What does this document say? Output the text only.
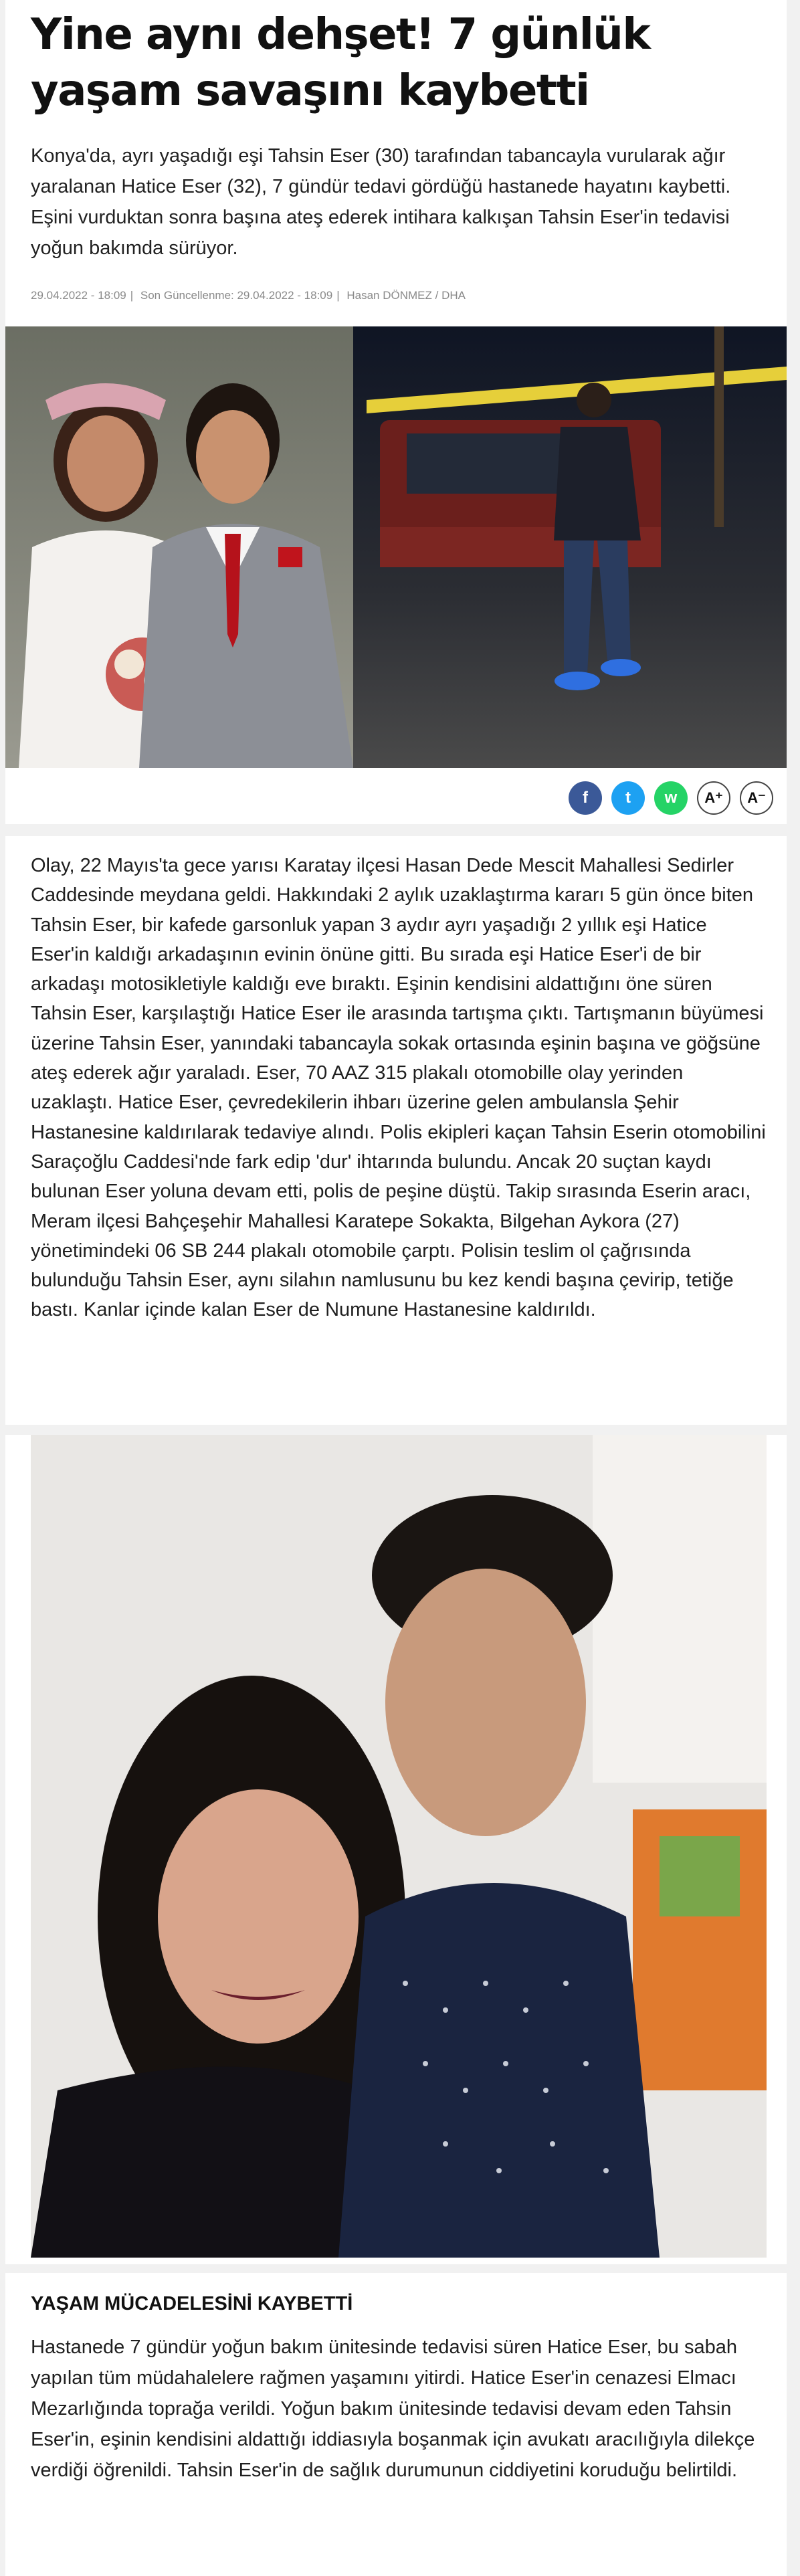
Yine aynı dehşet! 7 günlük yaşam savaşını kaybetti

Konya'da, ayrı yaşadığı eşi Tahsin Eser (30) tarafından tabancayla vurularak ağır yaralanan Hatice Eser (32), 7 gündür tedavi gördüğü hastanede hayatını kaybetti. Eşini vurduktan sonra başına ateş ederek intihara kalkışan Tahsin Eser'in tedavisi yoğun bakımda sürüyor.

29.04.2022 - 18:09 | Son Güncellenme: 29.04.2022 - 18:09 | Hasan DÖNMEZ / DHA
f t w A⁺ A⁻

Olay, 22 Mayıs'ta gece yarısı Karatay ilçesi Hasan Dede Mescit Mahallesi Sedirler Caddesinde meydana geldi. Hakkındaki 2 aylık uzaklaştırma kararı 5 gün önce biten Tahsin Eser, bir kafede garsonluk yapan 3 aydır ayrı yaşadığı 2 yıllık eşi Hatice Eser'in kaldığı arkadaşının evinin önüne gitti. Bu sırada eşi Hatice Eser'i de bir arkadaşı motosikletiyle kaldığı eve bıraktı. Eşinin kendisini aldattığını öne süren Tahsin Eser, karşılaştığı Hatice Eser ile arasında tartışma çıktı. Tartışmanın büyümesi üzerine Tahsin Eser, yanındaki tabancayla sokak ortasında eşinin başına ve göğsüne ateş ederek ağır yaraladı. Eser, 70 AAZ 315 plakalı otomobille olay yerinden uzaklaştı. Hatice Eser, çevredekilerin ihbarı üzerine gelen ambulansla Şehir Hastanesine kaldırılarak tedaviye alındı. Polis ekipleri kaçan Tahsin Eserin otomobilini Saraçoğlu Caddesi'nde fark edip 'dur' ihtarında bulundu. Ancak 20 suçtan kaydı bulunan Eser yoluna devam etti, polis de peşine düştü. Takip sırasında Eserin aracı, Meram ilçesi Bahçeşehir Mahallesi Karatepe Sokakta, Bilgehan Aykora (27) yönetimindeki 06 SB 244 plakalı otomobile çarptı. Polisin teslim ol çağrısında bulunduğu Tahsin Eser, aynı silahın namlusunu bu kez kendi başına çevirip, tetiğe bastı. Kanlar içinde kalan Eser de Numune Hastanesine kaldırıldı.

YAŞAM MÜCADELESİNİ KAYBETTİ

Hastanede 7 gündür yoğun bakım ünitesinde tedavisi süren Hatice Eser, bu sabah yapılan tüm müdahalelere rağmen yaşamını yitirdi. Hatice Eser'in cenazesi Elmacı Mezarlığında toprağa verildi. Yoğun bakım ünitesinde tedavisi devam eden Tahsin Eser'in, eşinin kendisini aldattığı iddiasıyla boşanmak için avukatı aracılığıyla dilekçe verdiği öğrenildi. Tahsin Eser'in de sağlık durumunun ciddiyetini koruduğu belirtildi.
